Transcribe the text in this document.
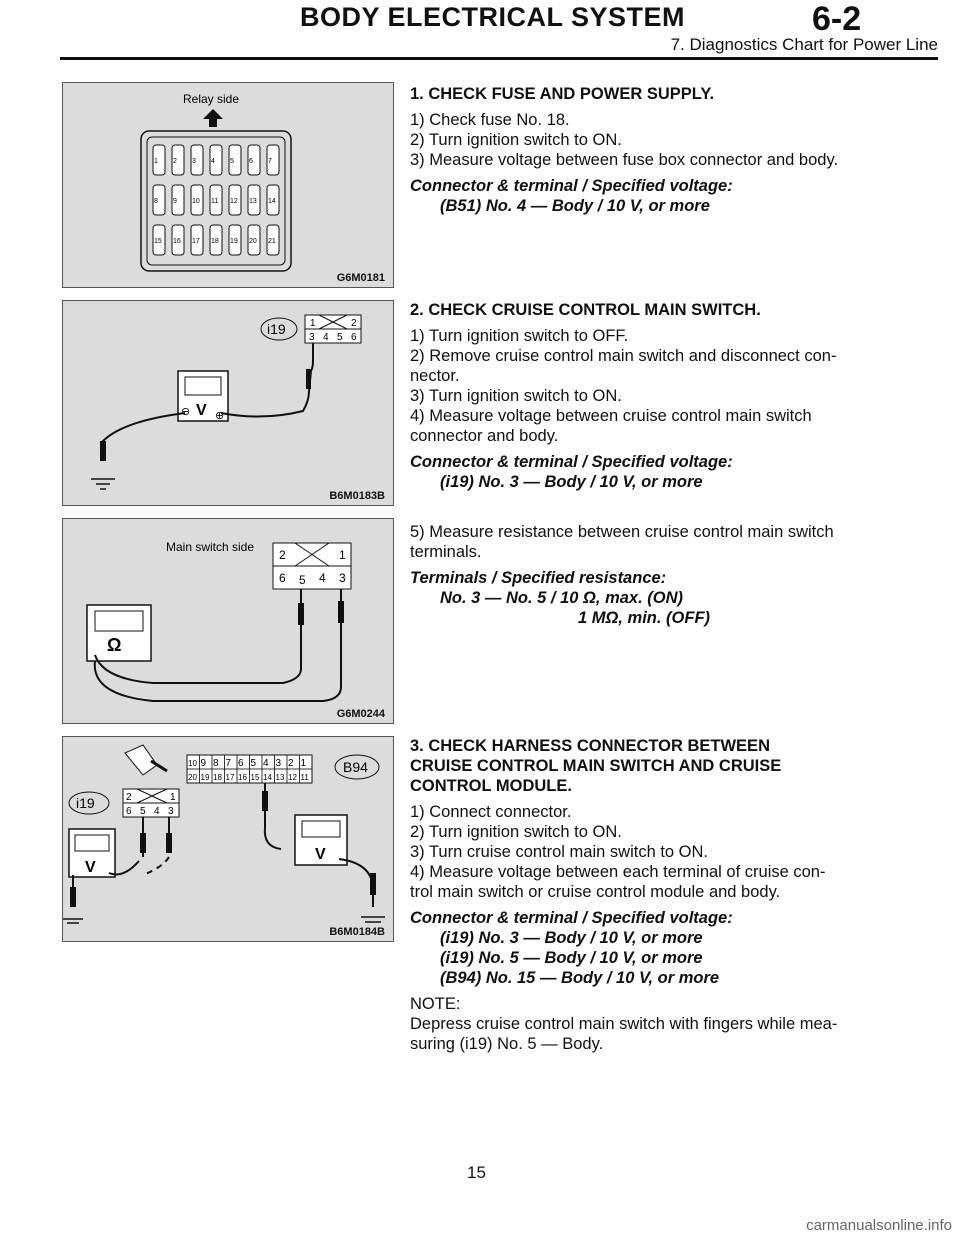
BODY ELECTRICAL SYSTEM	6-2
7. Diagnostics Chart for Power Line
Relay side
1 2 3 4 5 6 7
8 9 10 11 12 13 14
15 16 17 18 19 20 21
G6M0181
i19 1	2
3 4 5 6
V
⊖ ⊕
B6M0183B
Main switch side
2	1
6 5 4 3
Ω
G6M0244
10 9 8 7 6 5 4 3 2 1
20 19 18 17 16 15 14 13 12 11
B94
i19	2	1
6 5 4 3
V
V
B6M0184B

1. CHECK FUSE AND POWER SUPPLY.

1) Check fuse No. 18.

2) Turn ignition switch to ON.

3) Measure voltage between fuse box connector and body.

Connector & terminal / Specified voltage:

(B51) No. 4 — Body / 10 V, or more

2. CHECK CRUISE CONTROL MAIN SWITCH.

1) Turn ignition switch to OFF.

2) Remove cruise control main switch and disconnect con-

nector.

3) Turn ignition switch to ON.

4) Measure voltage between cruise control main switch

connector and body.

Connector & terminal / Specified voltage:

(i19) No. 3 — Body / 10 V, or more

5) Measure resistance between cruise control main switch

terminals.

Terminals / Specified resistance:

No. 3 — No. 5 / 10 Ω, max. (ON)

1 MΩ, min. (OFF)

3. CHECK HARNESS CONNECTOR BETWEEN

CRUISE CONTROL MAIN SWITCH AND CRUISE

CONTROL MODULE.

1) Connect connector.

2) Turn ignition switch to ON.

3) Turn cruise control main switch to ON.

4) Measure voltage between each terminal of cruise con-

trol main switch or cruise control module and body.

Connector & terminal / Specified voltage:

(i19) No. 3 — Body / 10 V, or more

(i19) No. 5 — Body / 10 V, or more

(B94) No. 15 — Body / 10 V, or more

NOTE:

Depress cruise control main switch with fingers while mea-

suring (i19) No. 5 — Body.

15
carmanualsonline.info
